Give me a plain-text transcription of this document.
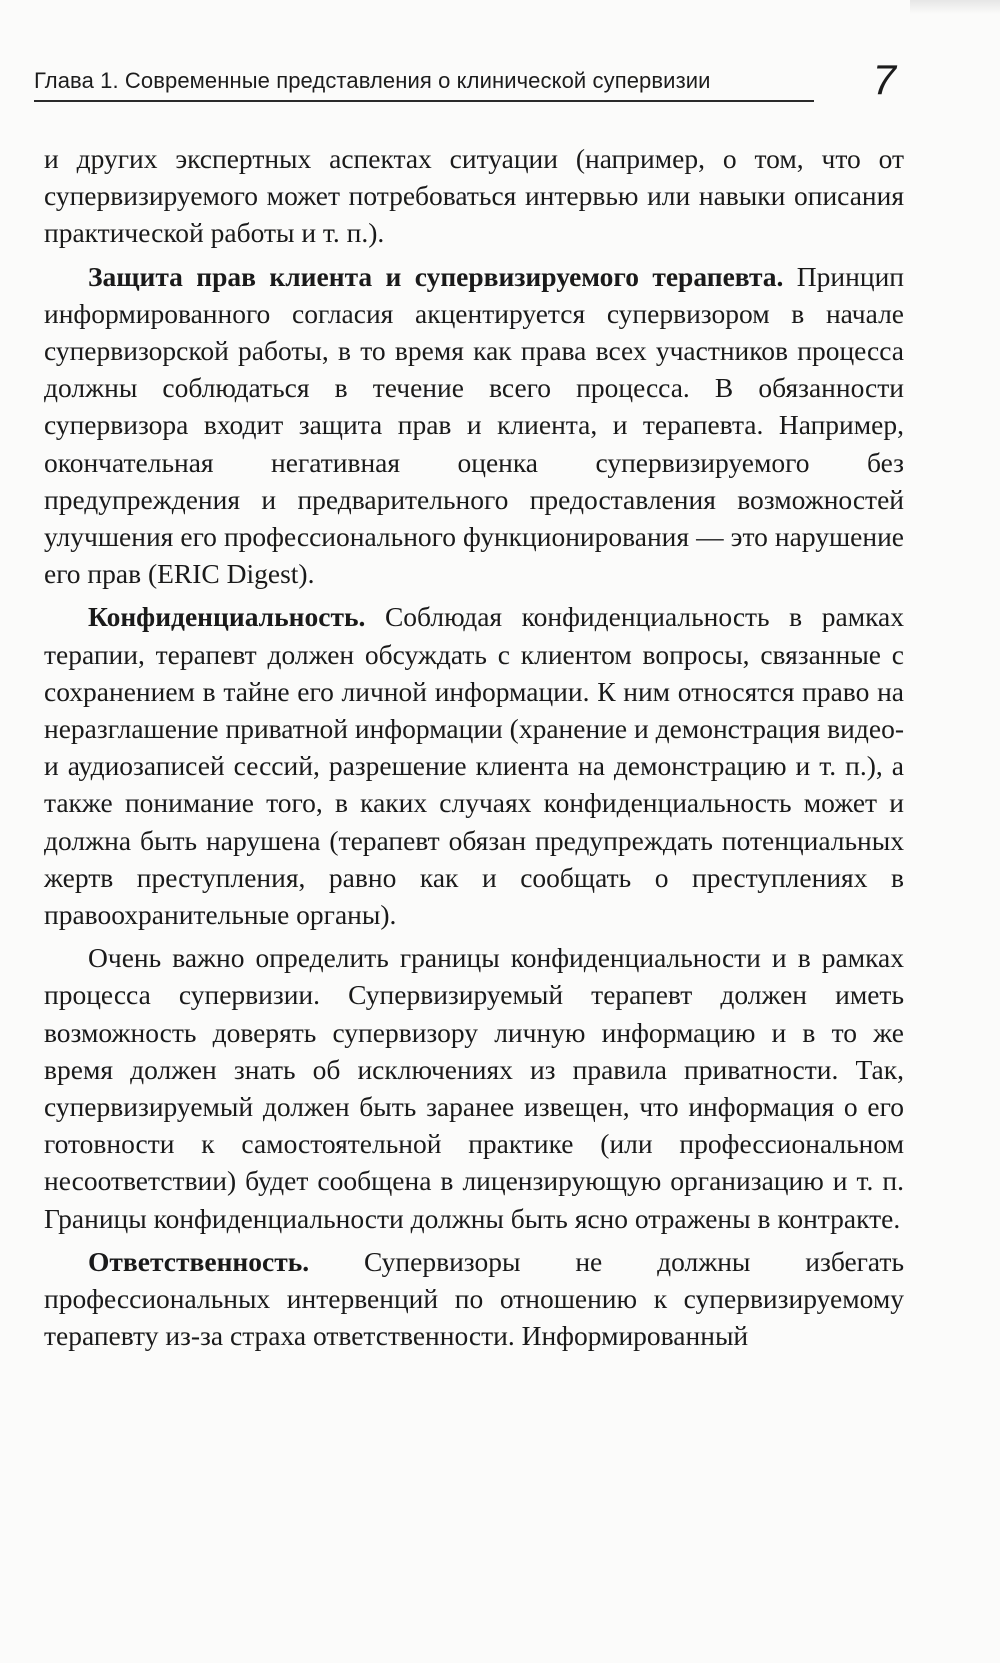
Глава 1. Современные представления о клинической супервизии	7

и других экспертных аспектах ситуации (например, о том, что от супервизируемого может потребоваться интервью или навыки описания практической работы и т. п.).

Защита прав клиента и супервизируемого терапевта. Принцип информированного согласия акцентируется супервизором в начале супервизорской работы, в то время как права всех участников процесса должны соблюдаться в течение всего процесса. В обязанности супервизора входит защита прав и клиента, и терапевта. Например, окончательная негативная оценка супервизируемого без предупреждения и предварительного предоставления возможностей улучшения его профессионального функционирования — это нарушение его прав (ERIC Digest).

Конфиденциальность. Соблюдая конфиденциальность в рамках терапии, терапевт должен обсуждать с клиентом вопросы, связанные с сохранением в тайне его личной информации. К ним относятся право на неразглашение приватной информации (хранение и демонстрация видео- и аудиозаписей сессий, разрешение клиента на демонстрацию и т. п.), а также понимание того, в каких случаях конфиденциальность может и должна быть нарушена (терапевт обязан предупреждать потенциальных жертв преступления, равно как и сообщать о преступлениях в правоохранительные органы).

Очень важно определить границы конфиденциальности и в рамках процесса супервизии. Супервизируемый терапевт должен иметь возможность доверять супервизору личную информацию и в то же время должен знать об исключениях из правила приватности. Так, супервизируемый должен быть заранее извещен, что информация о его готовности к самостоятельной практике (или профессиональном несоответствии) будет сообщена в лицензирующую организацию и т. п. Границы конфиденциальности должны быть ясно отражены в контракте.

Ответственность. Супервизоры не должны избегать профессиональных интервенций по отношению к супервизируемому терапевту из-за страха ответственности. Информированный
